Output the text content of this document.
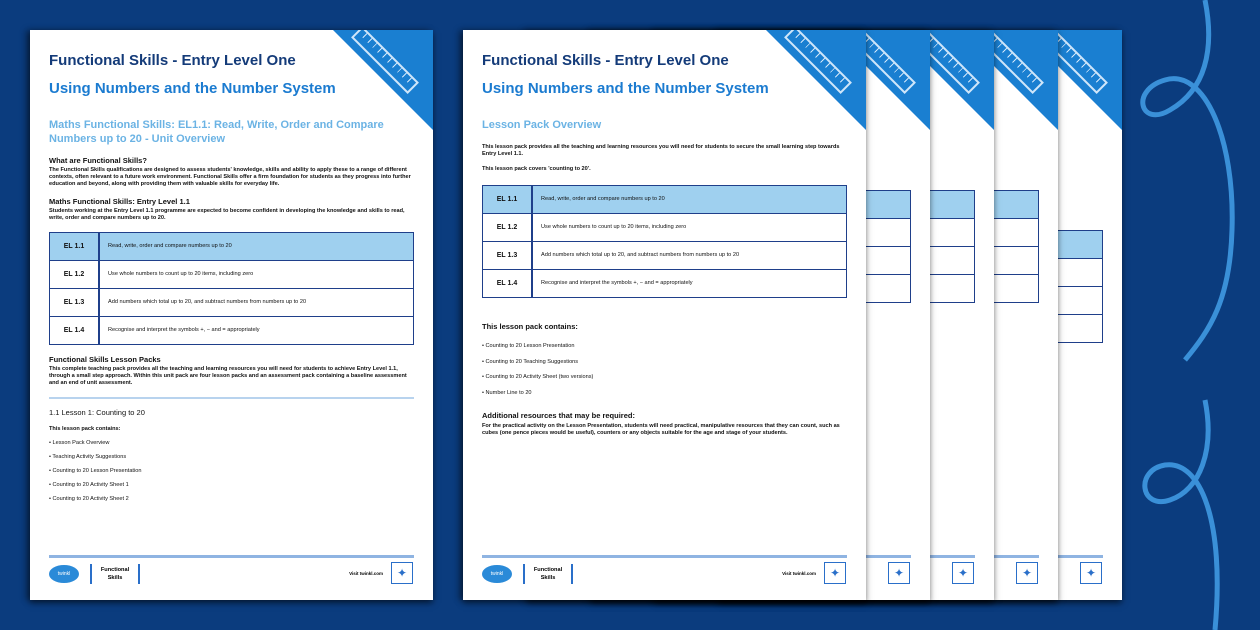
✦

✦

✦

✦
Functional Skills - Entry Level One
Using Numbers and the Number System
Lesson Pack Overview
This lesson pack provides all the teaching and learning resources you will need for students to secure the small learning step towards Entry Level 1.1.
This lesson pack covers 'counting to 20'.
EL 1.1	Read, write, order and compare numbers up to 20
EL 1.2	Use whole numbers to count up to 20 items, including zero
EL 1.3	Add numbers which total up to 20, and subtract numbers from numbers up to 20
EL 1.4	Recognise and interpret the symbols +, − and = appropriately
This lesson pack contains:
• Counting to 20 Lesson Presentation
• Counting to 20 Teaching Suggestions
• Counting to 20 Activity Sheet (two versions)
• Number Line to 20
Additional resources that may be required:
For the practical activity on the Lesson Presentation, students will need practical, manipulative resources that they can count, such as cubes (one pence pieces would be useful), counters or any objects suitable for the age and stage of your students.
twinkl
Functional
Skills
Visit twinkl.com	✦
Functional Skills - Entry Level One
Using Numbers and the Number System
Maths Functional Skills: EL1.1: Read, Write, Order and Compare Numbers up to 20 - Unit Overview
What are Functional Skills?
The Functional Skills qualifications are designed to assess students' knowledge, skills and ability to apply these to a range of different contexts, often relevant to a future work environment. Functional Skills offer a firm foundation for students as they progress into further education and beyond, along with providing them with valuable skills for everyday life.
Maths Functional Skills: Entry Level 1.1
Students working at the Entry Level 1.1 programme are expected to become confident in developing the knowledge and skills to read, write, order and compare numbers up to 20.
EL 1.1	Read, write, order and compare numbers up to 20
EL 1.2	Use whole numbers to count up to 20 items, including zero
EL 1.3	Add numbers which total up to 20, and subtract numbers from numbers up to 20
EL 1.4	Recognise and interpret the symbols +, − and = appropriately
Functional Skills Lesson Packs
This complete teaching pack provides all the teaching and learning resources you will need for students to achieve Entry Level 1.1, through a small step approach. Within this unit pack are four lesson packs and an assessment pack containing a baseline assessment and an end of unit assessment.
1.1 Lesson 1: Counting to 20
This lesson pack contains:
• Lesson Pack Overview
• Teaching Activity Suggestions
• Counting to 20 Lesson Presentation
• Counting to 20 Activity Sheet 1
• Counting to 20 Activity Sheet 2
twinkl
Functional
Skills
Visit twinkl.com	✦
